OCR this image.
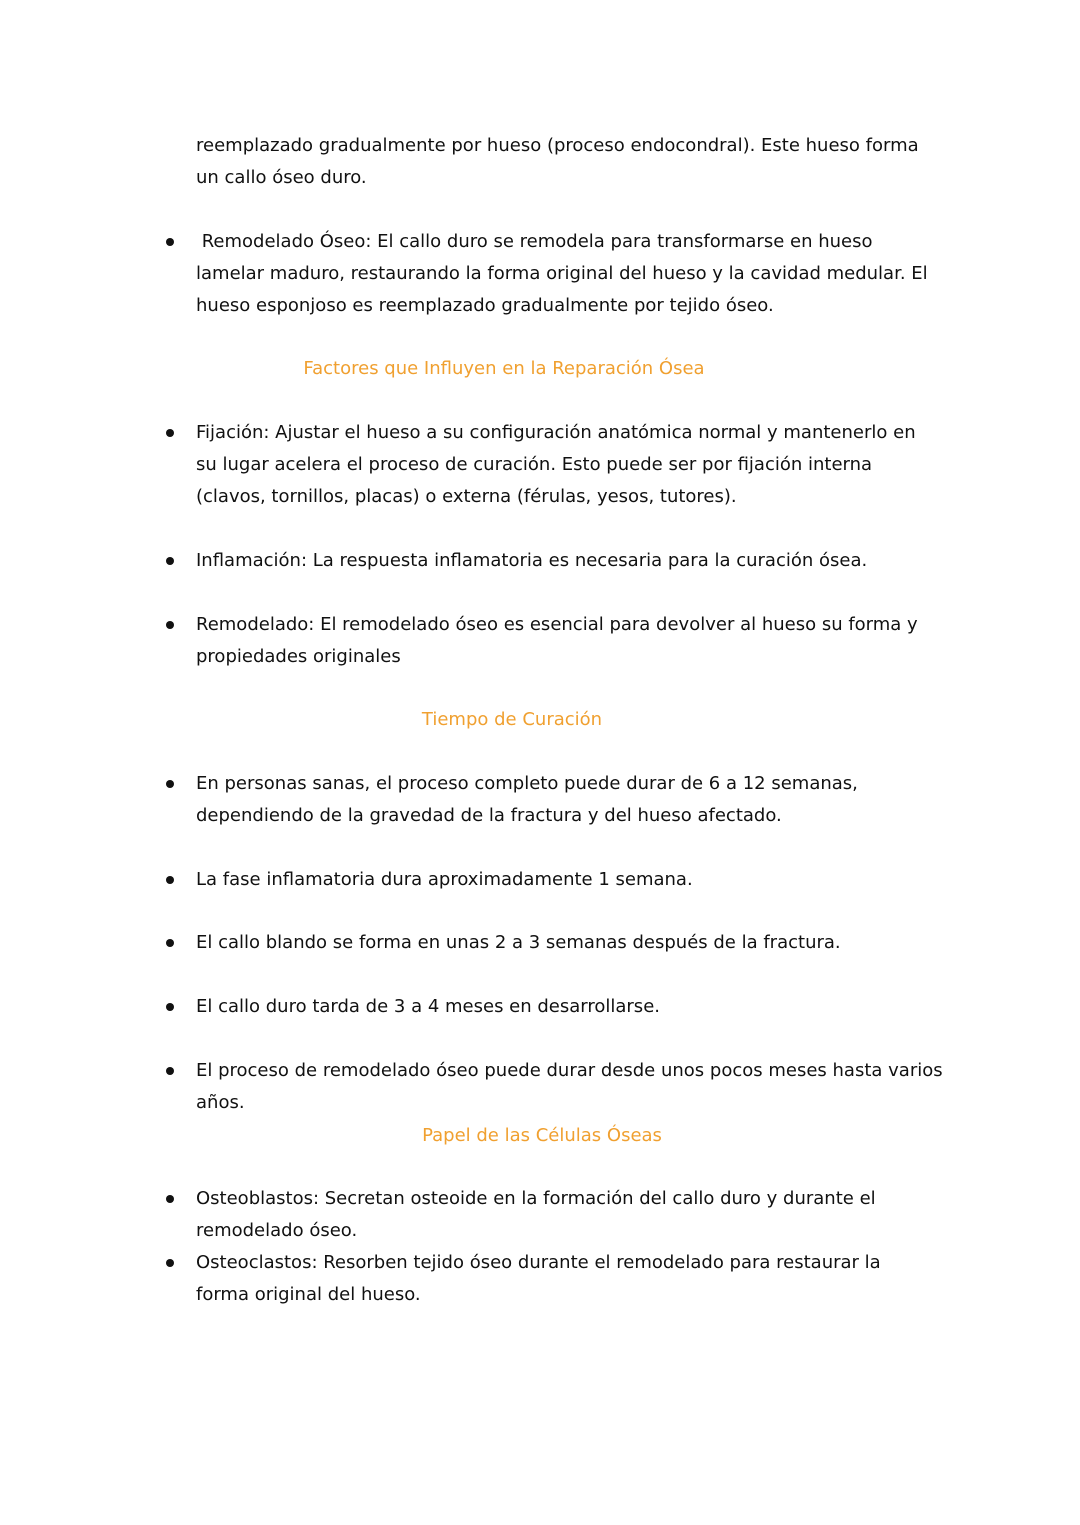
reemplazado gradualmente por hueso (proceso endocondral). Este hueso forma
un callo óseo duro.
Remodelado Óseo: El callo duro se remodela para transformarse en hueso
lamelar maduro, restaurando la forma original del hueso y la cavidad medular. El
hueso esponjoso es reemplazado gradualmente por tejido óseo.
Factores que Influyen en la Reparación Ósea
Fijación: Ajustar el hueso a su configuración anatómica normal y mantenerlo en
su lugar acelera el proceso de curación. Esto puede ser por fijación interna
(clavos, tornillos, placas) o externa (férulas, yesos, tutores).
Inflamación: La respuesta inflamatoria es necesaria para la curación ósea.
Remodelado: El remodelado óseo es esencial para devolver al hueso su forma y
propiedades originales
Tiempo de Curación
En personas sanas, el proceso completo puede durar de 6 a 12 semanas,
dependiendo de la gravedad de la fractura y del hueso afectado.
La fase inflamatoria dura aproximadamente 1 semana.
El callo blando se forma en unas 2 a 3 semanas después de la fractura.
El callo duro tarda de 3 a 4 meses en desarrollarse.
El proceso de remodelado óseo puede durar desde unos pocos meses hasta varios
años.
Papel de las Células Óseas
Osteoblastos: Secretan osteoide en la formación del callo duro y durante el
remodelado óseo.
Osteoclastos: Resorben tejido óseo durante el remodelado para restaurar la
forma original del hueso.
